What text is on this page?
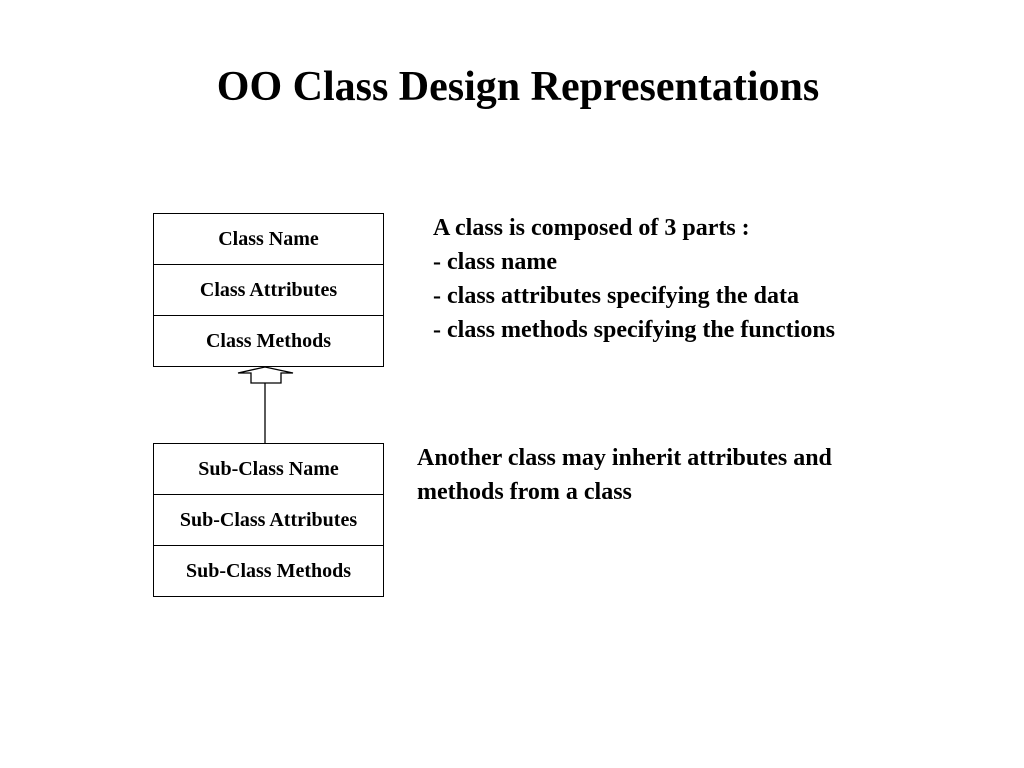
OO Class Design Representations
Class Name
Class Attributes
Class Methods
Sub-Class Name
Sub-Class Attributes
Sub-Class Methods
A class is composed of 3 parts :
- class name
- class attributes specifying the data
- class methods specifying the functions
Another class may inherit attributes and
methods from a class
